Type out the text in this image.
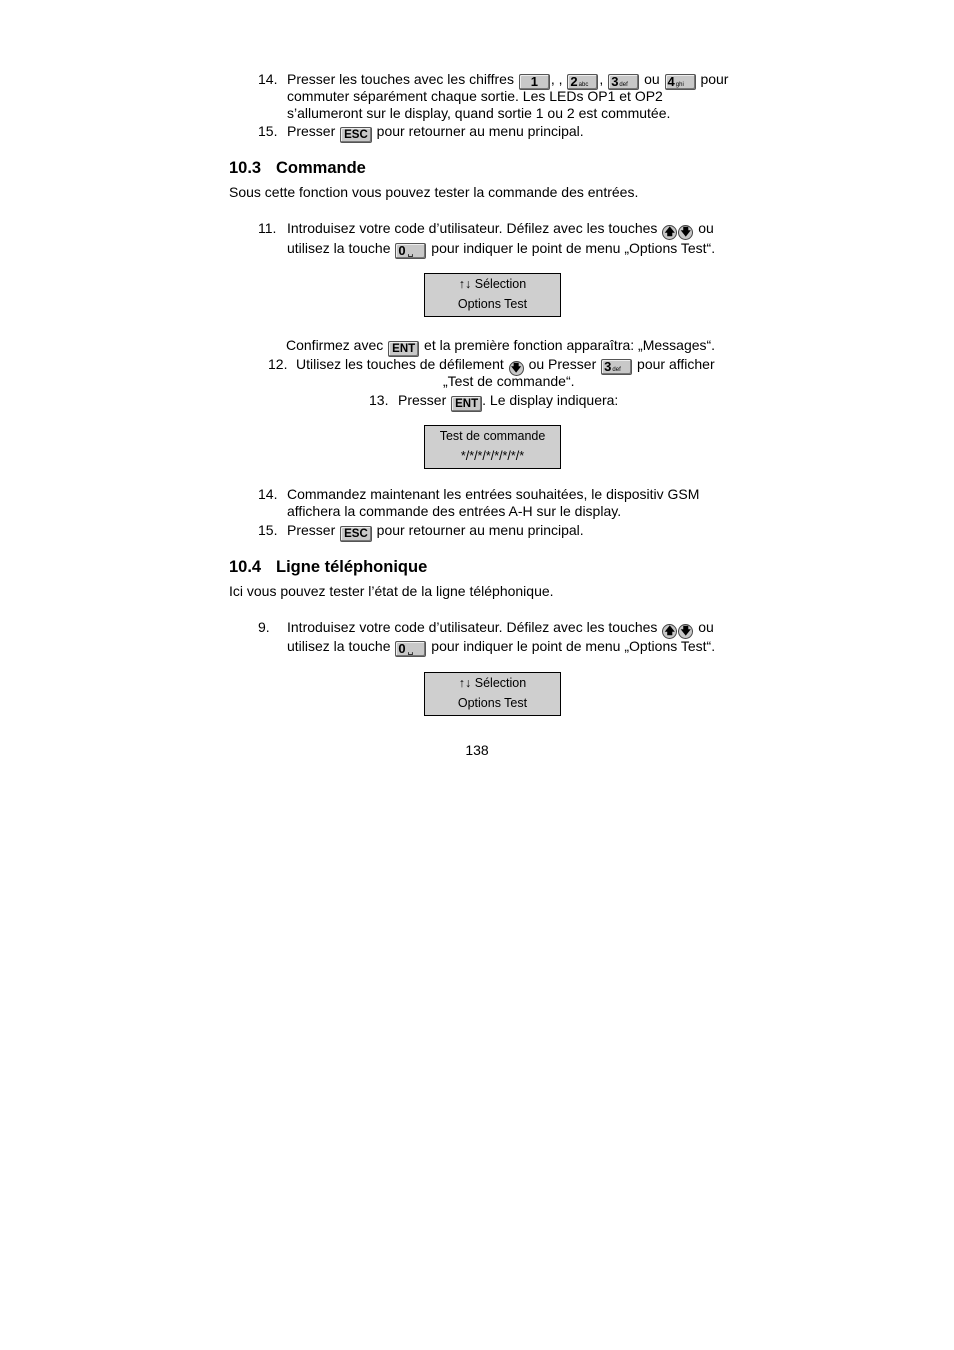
14. Presser les touches avec les chiffres 1 , , 2abc , 3def ou 4ghi pour
commuter séparément chaque sortie. Les LEDs OP1 et OP2
s’allumeront sur le display, quand sortie 1 ou 2 est commutée.
15. Presser ESC pour retourner au menu principal.
10.3 Commande
Sous cette fonction vous pouvez tester la commande des entrées.
11. Introduisez votre code d’utilisateur. Défilez avec les touches 🡅 🡇 ou
utilisez la touche 0 ␣ pour indiquer le point de menu „Options Test“.
↑↓ Sélection
Options Test
Confirmez avec ENT et la première fonction apparaîtra: „Messages“.
12. Utilisez les touches de défilement 🡇 ou Presser 3def pour afficher
„Test de commande“.
13. Presser ENT . Le display indiquera:
Test de commande
*/*/*/*/*/*/*/*
14. Commandez maintenant les entrées souhaitées, le dispositiv GSM
affichera la commande des entrées A-H sur le display.
15. Presser ESC pour retourner au menu principal.
10.4 Ligne téléphonique
Ici vous pouvez tester l’état de la ligne téléphonique.
9. Introduisez votre code d’utilisateur. Défilez avec les touches 🡅 🡇 ou
utilisez la touche 0 ␣ pour indiquer le point de menu „Options Test“.
↑↓ Sélection
Options Test
138
